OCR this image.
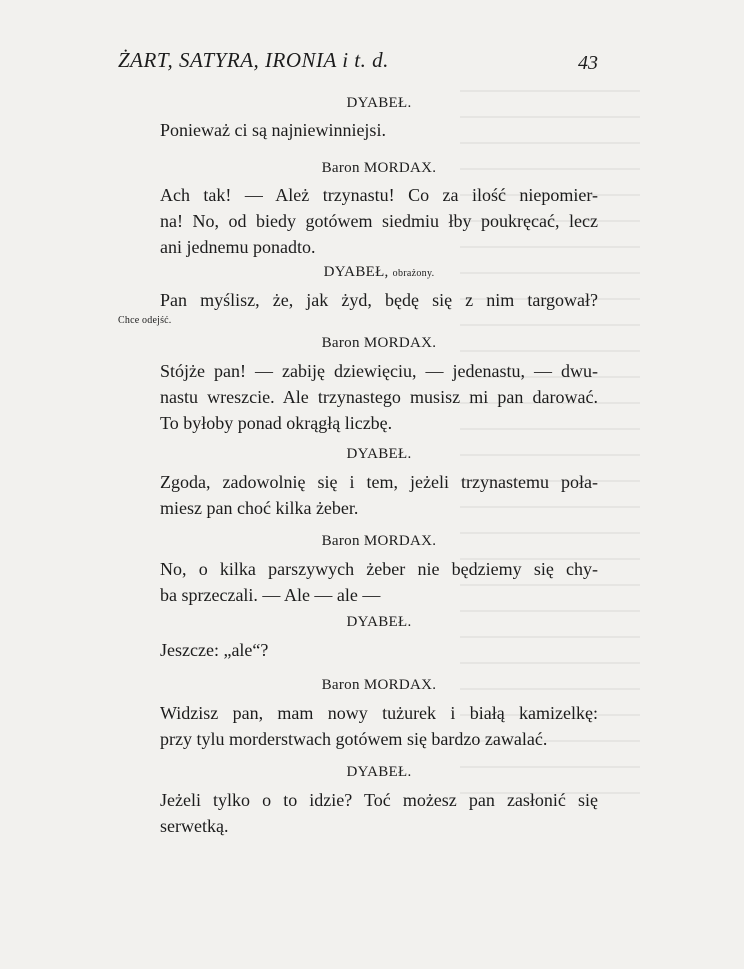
ŻART, SATYRA, IRONIA i t. d.	43
DYABEŁ.
Ponieważ ci są najniewinniejsi.
Baron MORDAX.
Ach tak! — Ależ trzynastu! Co za ilość niepomier-
na! No, od biedy gotówem siedmiu łby poukręcać, lecz
ani jednemu ponadto.
DYABEŁ, obrażony.
Pan myślisz, że, jak żyd, będę się z nim targował?
Chce odejść.
Baron MORDAX.
Stójże pan! — zabiję dziewięciu, — jedenastu, — dwu-
nastu wreszcie. Ale trzynastego musisz mi pan darować.
To byłoby ponad okrągłą liczbę.
DYABEŁ.
Zgoda, zadowolnię się i tem, jeżeli trzynastemu poła-
miesz pan choć kilka żeber.
Baron MORDAX.
No, o kilka parszywych żeber nie będziemy się chy-
ba sprzeczali. — Ale — ale —
DYABEŁ.
Jeszcze: „ale“?
Baron MORDAX.
Widzisz pan, mam nowy tużurek i białą kamizelkę:
przy tylu morderstwach gotówem się bardzo zawalać.
DYABEŁ.
Jeżeli tylko o to idzie? Toć możesz pan zasłonić się
serwetką.
